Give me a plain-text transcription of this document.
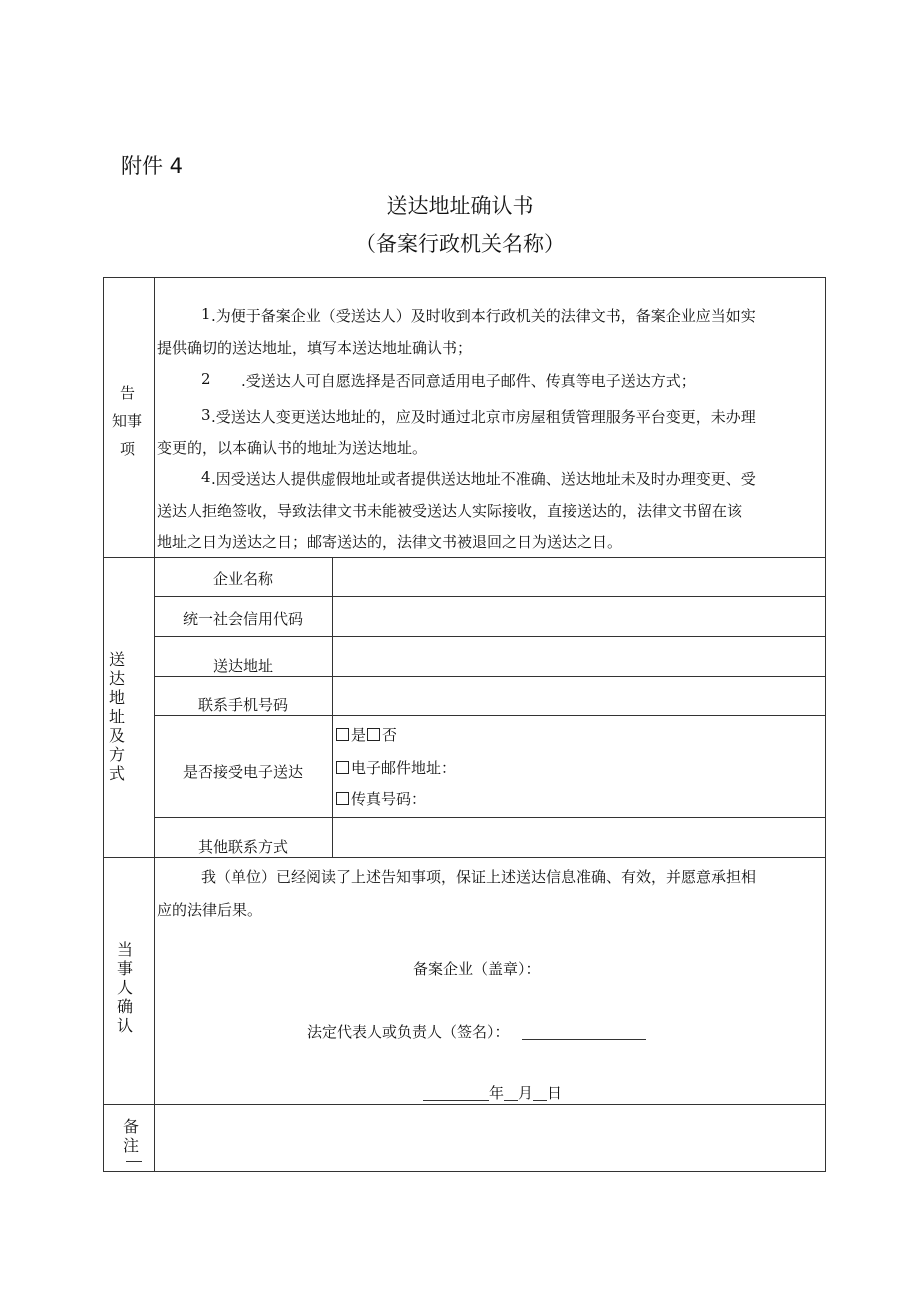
附件 4
送达地址确认书
（备案行政机关名称）
告
知事
项
1 .为便于备案企业（受送达人）及时收到本行政机关的法律文书，备案企业应当如实
提供确切的送达地址，填写本送达地址确认书；
2 .受送达人可自愿选择是否同意适用电子邮件、传真等电子送达方式；
3 .受送达人变更送达地址的，应及时通过北京市房屋租赁管理服务平台变更，未办理
变更的，以本确认书的地址为送达地址。
4 .因受送达人提供虚假地址或者提供送达地址不准确、送达地址未及时办理变更、受
送达人拒绝签收，导致法律文书未能被受送达人实际接收，直接送达的，法律文书留在该
地址之日为送达之日；邮寄送达的，法律文书被退回之日为送达之日。
送
达
地
址
及
方
式
企业名称
统一社会信用代码
送达地址
联系手机号码
是否接受电子送达
其他联系方式
是 否
电子邮件地址：
传真号码：
当
事
人
确
认
我（单位）已经阅读了上述告知事项，保证上述送达信息准确、有效，并愿意承担相
应的法律后果。
备案企业（盖章）：
法定代表人或负责人（签名）：
年 月 日
备
注
